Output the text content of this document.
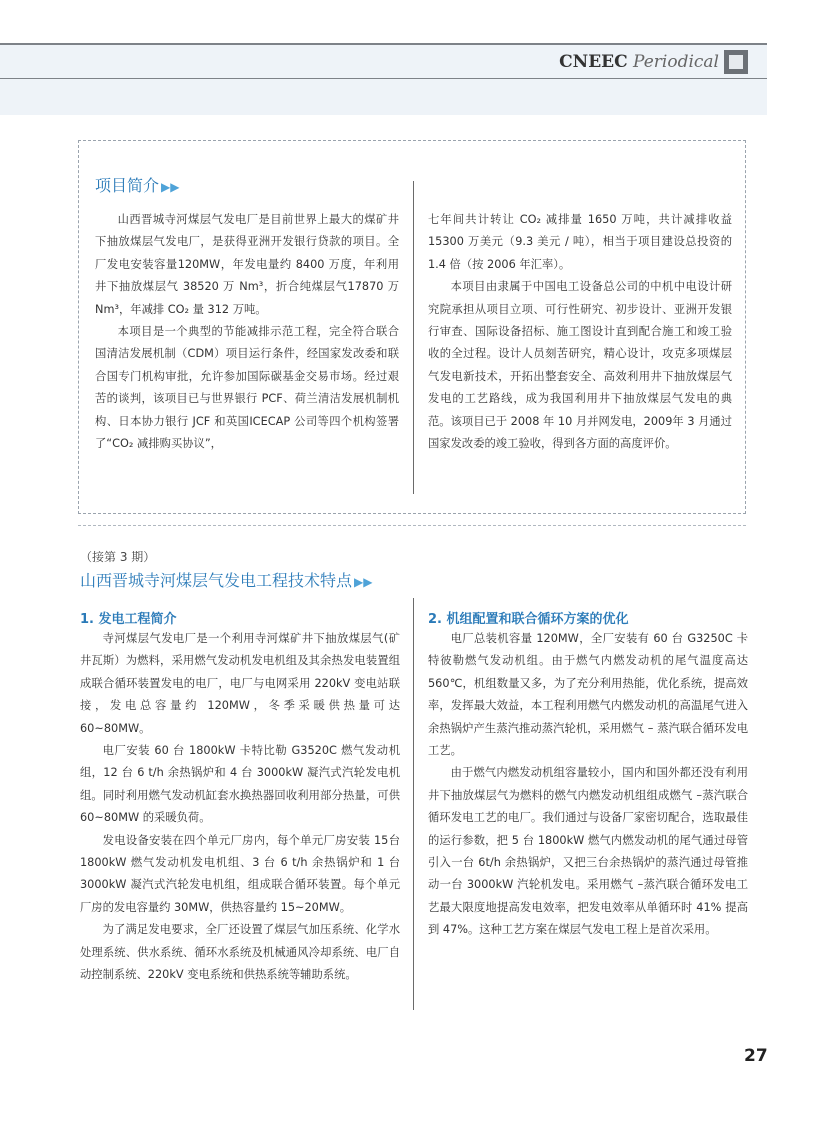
CNEEC Periodical
项目简介 ▶▶

山西晋城寺河煤层气发电厂是目前世界上最大的煤矿井下抽放煤层气发电厂，是获得亚洲开发银行贷款的项目。全厂发电安装容量120MW，年发电量约 8400 万度，年利用井下抽放煤层气 38520 万 Nm³，折合纯煤层气17870 万 Nm³，年减排 CO₂ 量 312 万吨。

本项目是一个典型的节能减排示范工程，完全符合联合国清洁发展机制（CDM）项目运行条件，经国家发改委和联合国专门机构审批，允许参加国际碳基金交易市场。经过艰苦的谈判，该项目已与世界银行 PCF、荷兰清洁发展机制机构、日本协力银行 JCF 和英国ICECAP 公司等四个机构签署了“CO₂ 减排购买协议”，

七年间共计转让 CO₂ 减排量 1650 万吨，共计减排收益15300 万美元（9.3 美元 / 吨），相当于项目建设总投资的 1.4 倍（按 2006 年汇率）。

本项目由隶属于中国电工设备总公司的中机中电设计研究院承担从项目立项、可行性研究、初步设计、亚洲开发银行审查、国际设备招标、施工图设计直到配合施工和竣工验收的全过程。设计人员刻苦研究，精心设计，攻克多项煤层气发电新技术，开拓出整套安全、高效利用井下抽放煤层气发电的工艺路线，成为我国利用井下抽放煤层气发电的典范。该项目已于 2008 年 10 月并网发电，2009年 3 月通过国家发改委的竣工验收，得到各方面的高度评价。

（接第 3 期）
山西晋城寺河煤层气发电工程技术特点 ▶▶
1. 发电工程简介

寺河煤层气发电厂是一个利用寺河煤矿井下抽放煤层气(矿井瓦斯）为燃料，采用燃气发动机发电机组及其余热发电装置组成联合循环装置发电的电厂，电厂与电网采用 220kV 变电站联接，发电总容量约 120MW，冬季采暖供热量可达 60~80MW。

电厂安装 60 台 1800kW 卡特比勒 G3520C 燃气发动机组，12 台 6 t/h 余热锅炉和 4 台 3000kW 凝汽式汽轮发电机组。同时利用燃气发动机缸套水换热器回收利用部分热量，可供60~80MW 的采暖负荷。

发电设备安装在四个单元厂房内，每个单元厂房安装 15台 1800kW 燃气发动机发电机组、3 台 6 t/h 余热锅炉和 1 台3000kW 凝汽式汽轮发电机组，组成联合循环装置。每个单元厂房的发电容量约 30MW，供热容量约 15~20MW。

为了满足发电要求，全厂还设置了煤层气加压系统、化学水处理系统、供水系统、循环水系统及机械通风冷却系统、电厂自动控制系统、220kV 变电系统和供热系统等辅助系统。

2. 机组配置和联合循环方案的优化

电厂总装机容量 120MW，全厂安装有 60 台 G3250C 卡特彼勒燃气发动机组。由于燃气内燃发动机的尾气温度高达560℃，机组数量又多，为了充分利用热能，优化系统，提高效率，发挥最大效益，本工程利用燃气内燃发动机的高温尾气进入余热锅炉产生蒸汽推动蒸汽轮机，采用燃气 – 蒸汽联合循环发电工艺。

由于燃气内燃发动机组容量较小，国内和国外都还没有利用井下抽放煤层气为燃料的燃气内燃发动机组组成燃气 –蒸汽联合循环发电工艺的电厂。我们通过与设备厂家密切配合，选取最佳的运行参数，把 5 台 1800kW 燃气内燃发动机的尾气通过母管引入一台 6t/h 余热锅炉，又把三台余热锅炉的蒸汽通过母管推动一台 3000kW 汽轮机发电。采用燃气 –蒸汽联合循环发电工艺最大限度地提高发电效率，把发电效率从单循环时 41% 提高到 47%。这种工艺方案在煤层气发电工程上是首次采用。

27
